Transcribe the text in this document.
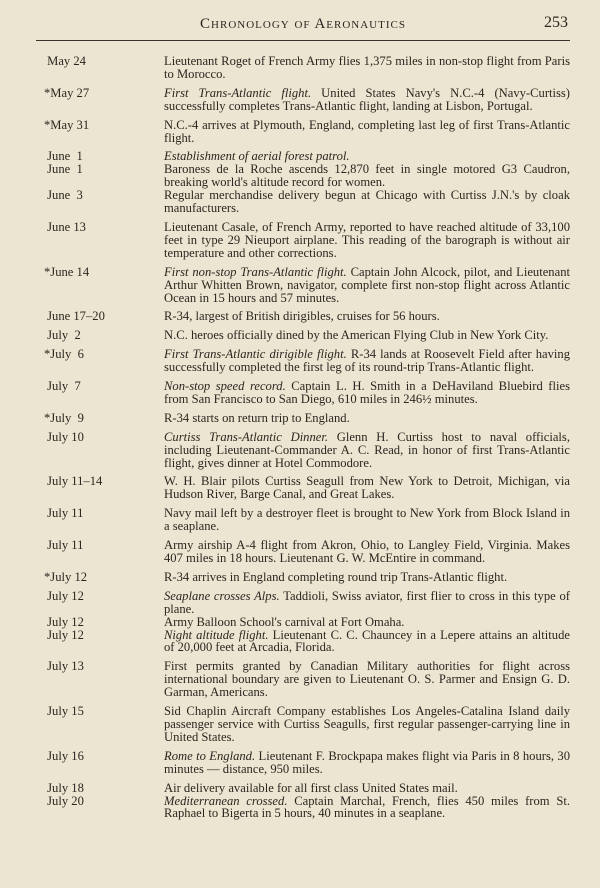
Chronology of Aeronautics	253
May 24	Lieutenant Roget of French Army flies 1,375 miles in non-stop flight from Paris to Morocco.
*May 27	First Trans-Atlantic flight. United States Navy's N.C.-4 (Navy-Curtiss) successfully completes Trans-Atlantic flight, landing at Lisbon, Portugal.
*May 31	N.C.-4 arrives at Plymouth, England, completing last leg of first Trans-Atlantic flight.
June  1	Establishment of aerial forest patrol.
June  1	Baroness de la Roche ascends 12,870 feet in single motored G3 Caudron, breaking world's altitude record for women.
June  3	Regular merchandise delivery begun at Chicago with Curtiss J.N.'s by cloak manufacturers.
June 13	Lieutenant Casale, of French Army, reported to have reached altitude of 33,100 feet in type 29 Nieuport airplane. This reading of the barograph is without air temperature and other corrections.
*June 14	First non-stop Trans-Atlantic flight. Captain John Alcock, pilot, and Lieutenant Arthur Whitten Brown, navigator, complete first non-stop flight across Atlantic Ocean in 15 hours and 57 minutes.
June 17–20	R-34, largest of British dirigibles, cruises for 56 hours.
July  2	N.C. heroes officially dined by the American Flying Club in New York City.
*July  6	First Trans-Atlantic dirigible flight. R-34 lands at Roosevelt Field after having successfully completed the first leg of its round-trip Trans-Atlantic flight.
July  7	Non-stop speed record. Captain L. H. Smith in a DeHaviland Bluebird flies from San Francisco to San Diego, 610 miles in 246½ minutes.
*July  9	R-34 starts on return trip to England.
July 10	Curtiss Trans-Atlantic Dinner. Glenn H. Curtiss host to naval officials, including Lieutenant-Commander A. C. Read, in honor of first Trans-Atlantic flight, gives dinner at Hotel Commodore.
July 11–14	W. H. Blair pilots Curtiss Seagull from New York to Detroit, Michigan, via Hudson River, Barge Canal, and Great Lakes.
July 11	Navy mail left by a destroyer fleet is brought to New York from Block Island in a seaplane.
July 11	Army airship A-4 flight from Akron, Ohio, to Langley Field, Virginia. Makes 407 miles in 18 hours. Lieutenant G. W. McEntire in command.
*July 12	R-34 arrives in England completing round trip Trans-Atlantic flight.
July 12	Seaplane crosses Alps. Taddioli, Swiss aviator, first flier to cross in this type of plane.
July 12	Army Balloon School's carnival at Fort Omaha.
July 12	Night altitude flight. Lieutenant C. C. Chauncey in a Lepere attains an altitude of 20,000 feet at Arcadia, Florida.
July 13	First permits granted by Canadian Military authorities for flight across international boundary are given to Lieutenant O. S. Parmer and Ensign G. D. Garman, Americans.
July 15	Sid Chaplin Aircraft Company establishes Los Angeles-Catalina Island daily passenger service with Curtiss Seagulls, first regular passenger-carrying line in United States.
July 16	Rome to England. Lieutenant F. Brockpapa makes flight via Paris in 8 hours, 30 minutes — distance, 950 miles.
July 18	Air delivery available for all first class United States mail.
July 20	Mediterranean crossed. Captain Marchal, French, flies 450 miles from St. Raphael to Bigerta in 5 hours, 40 minutes in a seaplane.
